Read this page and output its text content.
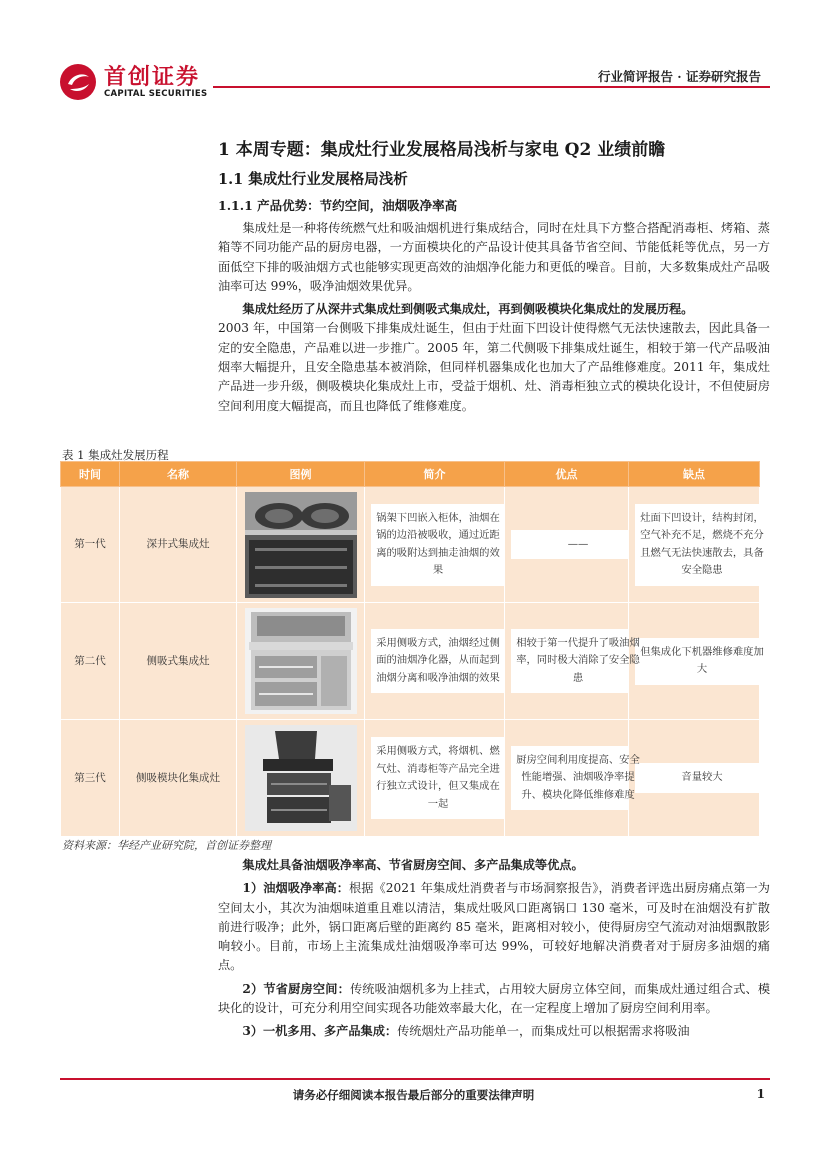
首创证券
CAPITAL SECURITIES
行业简评报告 · 证券研究报告
1 本周专题：集成灶行业发展格局浅析与家电 Q2 业绩前瞻
1.1 集成灶行业发展格局浅析
1.1.1 产品优势：节约空间，油烟吸净率高

集成灶是一种将传统燃气灶和吸油烟机进行集成结合，同时在灶具下方整合搭配消毒柜、烤箱、蒸箱等不同功能产品的厨房电器，一方面模块化的产品设计使其具备节省空间、节能低耗等优点，另一方面低空下排的吸油烟方式也能够实现更高效的油烟净化能力和更低的噪音。目前，大多数集成灶产品吸油率可达 99%，吸净油烟效果优异。

集成灶经历了从深井式集成灶到侧吸式集成灶，再到侧吸模块化集成灶的发展历程。

2003 年，中国第一台侧吸下排集成灶诞生，但由于灶面下凹设计使得燃气无法快速散去，因此具备一定的安全隐患，产品难以进一步推广。2005 年，第二代侧吸下排集成灶诞生，相较于第一代产品吸油烟率大幅提升，且安全隐患基本被消除，但同样机器集成化也加大了产品维修难度。2011 年，集成灶产品进一步升级，侧吸模块化集成灶上市，受益于烟机、灶、消毒柜独立式的模块化设计，不但使厨房空间利用度大幅提高，而且也降低了维修难度。

表 1 集成灶发展历程
时间	名称	图例	简介	优点	缺点
第一代	深井式集成灶		锅架下凹嵌入柜体，油烟在锅的边沿被吸收，通过近距离的吸附达到抽走油烟的效果	——	灶面下凹设计，结构封闭，空气补充不足，燃烧不充分且燃气无法快速散去，具备安全隐患

第二代	侧吸式集成灶		采用侧吸方式，油烟经过侧面的油烟净化器，从而起到油烟分离和吸净油烟的效果	相较于第一代提升了吸油烟率，同时极大消除了安全隐患	但集成化下机器维修难度加大

第三代	侧吸模块化集成灶		采用侧吸方式，将烟机、燃气灶、消毒柜等产品完全进行独立式设计，但又集成在一起	厨房空间利用度提高、安全性能增强、油烟吸净率提升、模块化降低维修难度	音量较大
资料来源：华经产业研究院，首创证券整理

集成灶具备油烟吸净率高、节省厨房空间、多产品集成等优点。

1）油烟吸净率高：根据《2021 年集成灶消费者与市场洞察报告》，消费者评选出厨房痛点第一为空间太小，其次为油烟味道重且难以清洁，集成灶吸风口距离锅口 130 毫米，可及时在油烟没有扩散前进行吸净；此外，锅口距离后壁的距离约 85 毫米，距离相对较小，使得厨房空气流动对油烟飘散影响较小。目前，市场上主流集成灶油烟吸净率可达 99%，可较好地解决消费者对于厨房多油烟的痛点。

2）节省厨房空间：传统吸油烟机多为上挂式，占用较大厨房立体空间，而集成灶通过组合式、模块化的设计，可充分利用空间实现各功能效率最大化，在一定程度上增加了厨房空间利用率。

3）一机多用、多产品集成：传统烟灶产品功能单一，而集成灶可以根据需求将吸油

请务必仔细阅读本报告最后部分的重要法律声明	1
